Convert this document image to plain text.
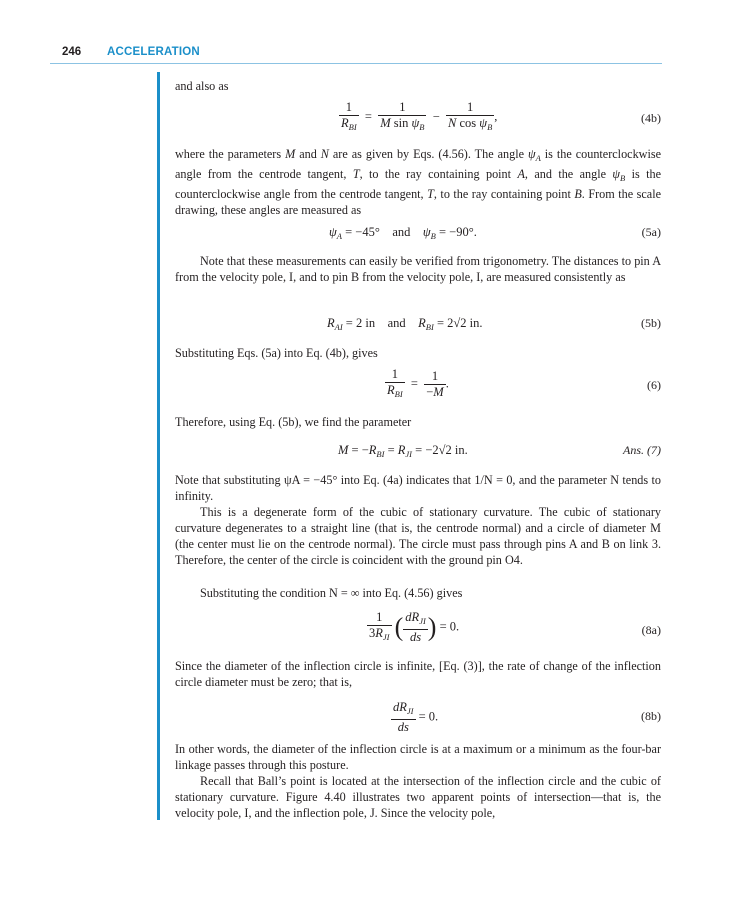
246 ACCELERATION

and also as

$\frac{1}{R_{BI}} = \frac{1}{M \sin \psi_B} - \frac{1}{N \cos \psi_B}$ ,	(4b)

where the parameters M and N are as given by Eqs. (4.56). The angle $\psi_A$ is the counterclockwise angle from the centrode tangent, T, to the ray containing point A, and the angle $\psi_B$ is the counterclockwise angle from the centrode tangent, T, to the ray containing point B. From the scale drawing, these angles are measured as

$\psi_A = -45^\circ$    and $\psi_B = -90^\circ$.	(5a)

Note that these measurements can easily be verified from trigonometry. The distances to pin A from the velocity pole, I, and to pin B from the velocity pole, I, are measured consistently as

$R_{AI} = 2$ in and $R_{BI} = 2√2$ in.	(5b)

Substituting Eqs. (5a) into Eq. (4b), gives

$\frac{1}{R_{BI}} = \frac{1}{-M}$ .	(6)

Therefore, using Eq. (5b), we find the parameter

$M = -R_{BI} = R_{JI} = -2√2$ in.	Ans. (7)

Note that substituting ψA = −45° into Eq. (4a) indicates that 1/N = 0, and the parameter N tends to infinity.

This is a degenerate form of the cubic of stationary curvature. The cubic of stationary curvature degenerates to a straight line (that is, the centrode normal) and a circle of diameter M (the center must lie on the centrode normal). The circle must pass through pins A and B on link 3. Therefore, the center of the circle is coincident with the ground pin O4.

Substituting the condition N = ∞ into Eq. (4.56) gives

$\frac{1}{3R_{JI}}$ ( $\frac{dR_{JI}}{ds}$ ) = 0.	(8a)

Since the diameter of the inflection circle is infinite, [Eq. (3)], the rate of change of the inflection circle diameter must be zero; that is,

$\frac{dR_{JI}}{ds} = 0$.	(8b)

In other words, the diameter of the inflection circle is at a maximum or a minimum as the four-bar linkage passes through this posture.

Recall that Ball’s point is located at the intersection of the inflection circle and the cubic of stationary curvature. Figure 4.40 illustrates two apparent points of intersection—that is, the velocity pole, I, and the inflection pole, J. Since the velocity pole,
